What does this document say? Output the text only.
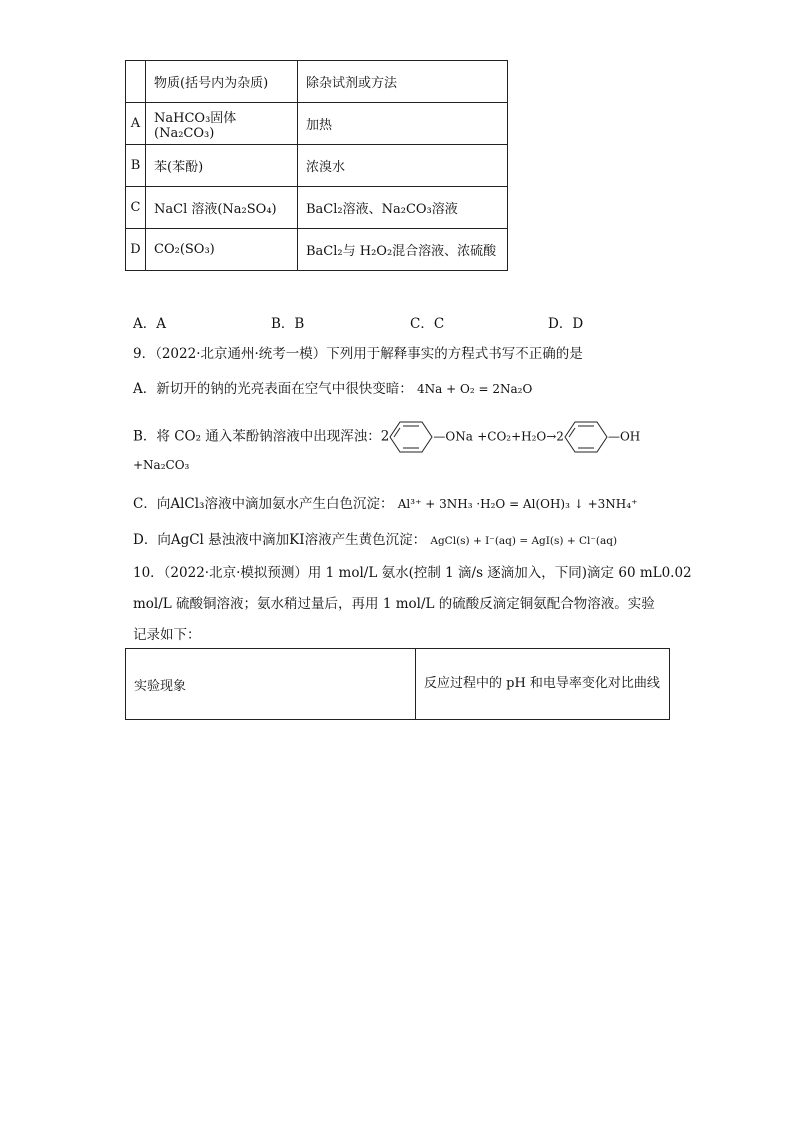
	物质(括号内为杂质)	除杂试剂或方法
A	NaHCO₃固体(Na₂CO₃)	加热
B	苯(苯酚)	浓溴水
C	NaCl 溶液(Na₂SO₄)	BaCl₂溶液、Na₂CO₃溶液
D	CO₂(SO₃)	BaCl₂与 H₂O₂混合溶液、浓硫酸
A．A	B．B	C．C	D．D
9．（2022·北京通州·统考一模）下列用于解释事实的方程式书写不正确的是
A．新切开的钠的光亮表面在空气中很快变暗： 4Na + O₂ = 2Na₂O
B．将 CO₂ 通入苯酚钠溶液中出现浑浊：2	—ONa +CO₂+H₂O→2	—OH
+Na₂CO₃
C．向AlCl₃溶液中滴加氨水产生白色沉淀： Al³⁺ + 3NH₃ ·H₂O = Al(OH)₃ ↓ +3NH₄⁺
D．向AgCl 悬浊液中滴加KI溶液产生黄色沉淀： AgCl(s) + I⁻(aq) = AgI(s) + Cl⁻(aq)
10．（2022·北京·模拟预测）用 1 mol/L 氨水(控制 1 滴/s 逐滴加入，下同)滴定 60 mL0.02
mol/L 硫酸铜溶液；氨水稍过量后，再用 1 mol/L 的硫酸反滴定铜氨配合物溶液。实验
记录如下：
实验现象	反应过程中的 pH 和电导率变化对比曲线
